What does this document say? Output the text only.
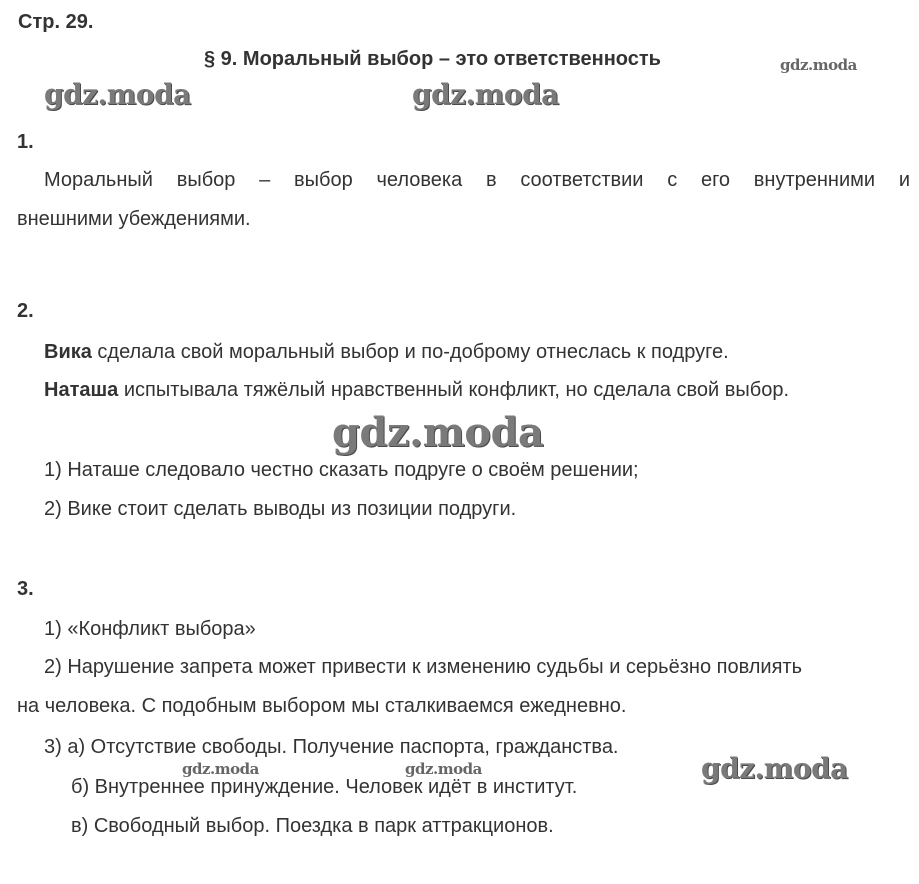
Стр. 29.
§ 9. Моральный выбор – это ответственность	gdz.moda
gdz.moda	gdz.moda
gdz.moda
gdz.moda	gdz.moda	gdz.moda
1.
Моральный выбор – выбор человека в соответствии с его внутренними и
внешними убеждениями.
2.
Вика сделала свой моральный выбор и по-доброму отнеслась к подруге.
Наташа испытывала тяжёлый нравственный конфликт, но сделала свой выбор.
1) Наташе следовало честно сказать подруге о своём решении;
2) Вике стоит сделать выводы из позиции подруги.
3.
1) «Конфликт выбора»
2) Нарушение запрета может привести к изменению судьбы и серьёзно повлиять
на человека. С подобным выбором мы сталкиваемся ежедневно.
3) а) Отсутствие свободы. Получение паспорта, гражданства.
б) Внутреннее принуждение. Человек идёт в институт.
в) Свободный выбор. Поездка в парк аттракционов.
